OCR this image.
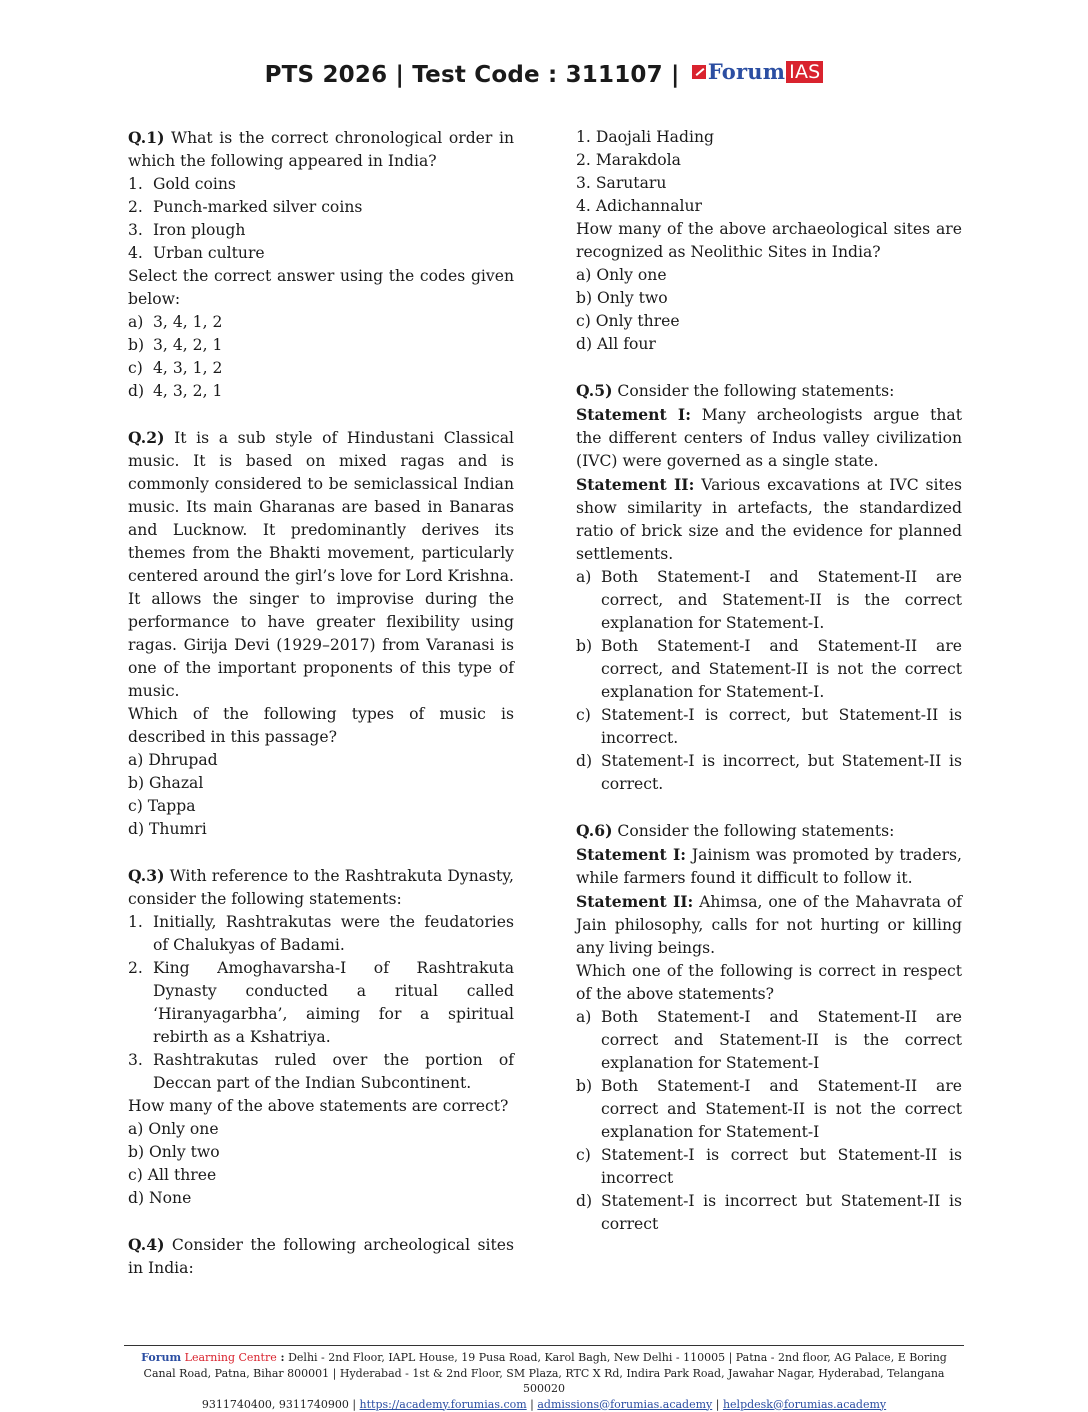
PTS 2026 | Test Code : 311107 | Forum IAS

Q.1) What is the correct chronological order in which the following appeared in India?

1. Gold coins
2. Punch-marked silver coins
3. Iron plough
4. Urban culture

Select the correct answer using the codes given below:

a) 3, 4, 1, 2
b) 3, 4, 2, 1
c) 4, 3, 1, 2
d) 4, 3, 2, 1

Q.2) It is a sub style of Hindustani Classical music. It is based on mixed ragas and is commonly considered to be semiclassical Indian music. Its main Gharanas are based in Banaras and Lucknow. It predominantly derives its themes from the Bhakti movement, particularly centered around the girl’s love for Lord Krishna. It allows the singer to improvise during the performance to have greater flexibility using ragas. Girija Devi (1929–2017) from Varanasi is one of the important proponents of this type of music.

Which of the following types of music is described in this passage?

a) Dhrupad
b) Ghazal
c) Tappa
d) Thumri

Q.3) With reference to the Rashtrakuta Dynasty, consider the following statements:

1. Initially, Rashtrakutas were the feudatories of Chalukyas of Badami.
2. King Amoghavarsha-I of Rashtrakuta Dynasty conducted a ritual called ‘Hiranyagarbha’, aiming for a spiritual rebirth as a Kshatriya.
3. Rashtrakutas ruled over the portion of Deccan part of the Indian Subcontinent.

How many of the above statements are correct?

a) Only one
b) Only two
c) All three
d) None

Q.4) Consider the following archeological sites in India:

1. Daojali Hading
2. Marakdola
3. Sarutaru
4. Adichannalur

How many of the above archaeological sites are recognized as Neolithic Sites in India?

a) Only one
b) Only two
c) Only three
d) All four

Q.5) Consider the following statements:

Statement I: Many archeologists argue that the different centers of Indus valley civilization (IVC) were governed as a single state.

Statement II: Various excavations at IVC sites show similarity in artefacts, the standardized ratio of brick size and the evidence for planned settlements.

a) Both Statement-I and Statement-II are correct, and Statement-II is the correct explanation for Statement-I.
b) Both Statement-I and Statement-II are correct, and Statement-II is not the correct explanation for Statement-I.
c) Statement-I is correct, but Statement-II is incorrect.
d) Statement-I is incorrect, but Statement-II is correct.

Q.6) Consider the following statements:

Statement I: Jainism was promoted by traders, while farmers found it difficult to follow it.

Statement II: Ahimsa, one of the Mahavrata of Jain philosophy, calls for not hurting or killing any living beings.

Which one of the following is correct in respect of the above statements?

a) Both Statement-I and Statement-II are correct and Statement-II is the correct explanation for Statement-I
b) Both Statement-I and Statement-II are correct and Statement-II is not the correct explanation for Statement-I
c) Statement-I is correct but Statement-II is incorrect
d) Statement-I is incorrect but Statement-II is correct
Forum Learning Centre : Delhi - 2nd Floor, IAPL House, 19 Pusa Road, Karol Bagh, New Delhi - 110005 | Patna - 2nd floor, AG Palace, E Boring Canal Road, Patna, Bihar 800001 | Hyderabad - 1st & 2nd Floor, SM Plaza, RTC X Rd, Indira Park Road, Jawahar Nagar, Hyderabad, Telangana 500020
9311740400, 9311740900 | https://academy.forumias.com | admissions@forumias.academy | helpdesk@forumias.academy
